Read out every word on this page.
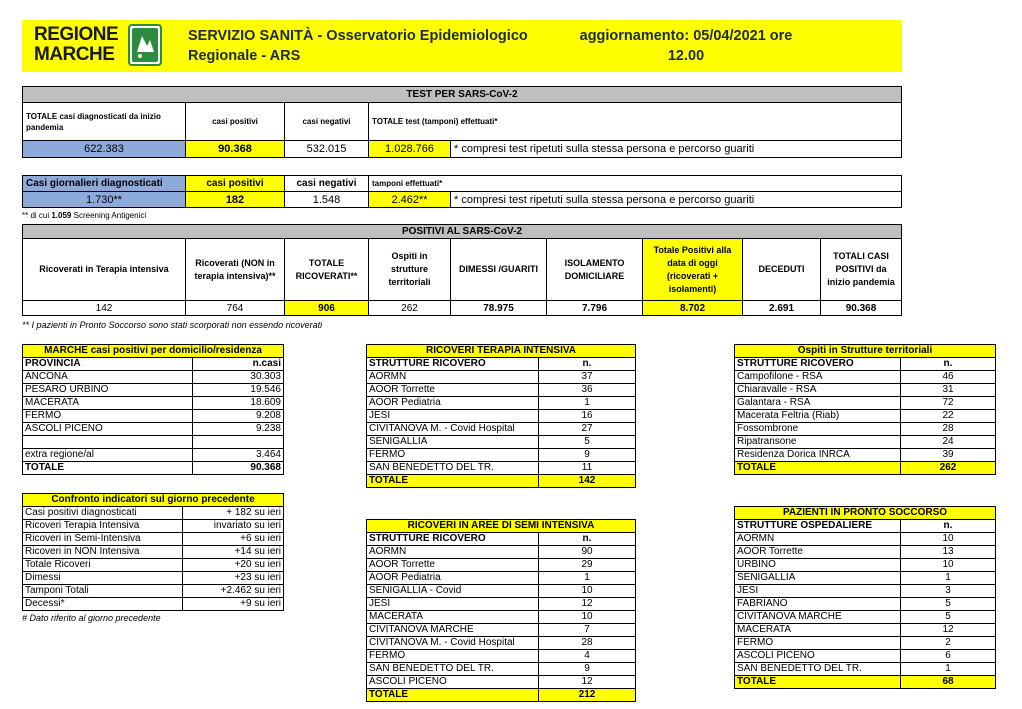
REGIONE
MARCHE
SERVIZIO SANITÀ - Osservatorio Epidemiologico
Regionale - ARS
aggiornamento: 05/04/2021 ore
12.00
TEST PER SARS-CoV-2				
TOTALE casi diagnosticati da inizio pandemia	casi positivi	casi negativi	TOTALE test (tamponi) effettuati*	
622.383	90.368	532.015	1.028.766	* compresi test ripetuti sulla stessa persona e percorso guariti
Casi giornalieri diagnosticati	casi positivi	casi negativi	tamponi effettuati*	
1.730**	182	1.548	2.462**	* compresi test ripetuti sulla stessa persona e percorso guariti
** di cui 1.059 Screening Antigenici
POSITIVI AL SARS-CoV-2								
Ricoverati in Terapia intensiva	Ricoverati (NON in terapia intensiva)**	TOTALE RICOVERATI**	Ospiti in strutture territoriali	DIMESSI /GUARITI	ISOLAMENTO DOMICILIARE	Totale Positivi alla data di oggi (ricoverati + isolamenti)	DECEDUTI	TOTALI CASI POSITIVI da inizio pandemia
142	764	906	262	78.975	7.796	8.702	2.691	90.368
** I pazienti in Pronto Soccorso sono stati scorporati non essendo ricoverati
MARCHE casi positivi per domicilio/residenza	
PROVINCIA	n.casi
ANCONA	30.303
PESARO URBINO	19.546
MACERATA	18.609
FERMO	9.208
ASCOLI PICENO	9.238

extra regione/al	3.464
TOTALE	90.368
Confronto indicatori sul giorno precedente	
Casi positivi diagnosticati	+ 182 su ieri
Ricoveri Terapia Intensiva	invariato su ieri
Ricoveri in Semi-Intensiva	+6 su ieri
Ricoveri in NON Intensiva	+14 su ieri
Totale Ricoveri	+20 su ieri
Dimessi	+23 su ieri
Tamponi Totali	+2.462 su ieri
Decessi*	+9 su ieri
# Dato riferito al giorno precedente
RICOVERI TERAPIA INTENSIVA	
STRUTTURE RICOVERO	n.
AORMN	37
AOOR Torrette	36
AOOR Pediatria	1
JESI	16
CIVITANOVA M. - Covid Hospital	27
SENIGALLIA	5
FERMO	9
SAN BENEDETTO DEL TR.	11
TOTALE	142
RICOVERI IN AREE DI SEMI INTENSIVA	
STRUTTURE RICOVERO	n.
AORMN	90
AOOR Torrette	29
AOOR Pediatria	1
SENIGALLIA - Covid	10
JESI	12
MACERATA	10
CIVITANOVA MARCHE	7
CIVITANOVA M. - Covid Hospital	28
FERMO	4
SAN BENEDETTO DEL TR.	9
ASCOLI PICENO	12
TOTALE	212
Ospiti in Strutture territoriali	
STRUTTURE RICOVERO	n.
Campofilone - RSA	46
Chiaravalle - RSA	31
Galantara - RSA	72
Macerata Feltria (Riab)	22
Fossombrone	28
Ripatransone	24
Residenza Dorica INRCA	39
TOTALE	262
PAZIENTI IN PRONTO SOCCORSO	
STRUTTURE OSPEDALIERE	n.
AORMN	10
AOOR Torrette	13
URBINO	10
SENIGALLIA	1
JESI	3
FABRIANO	5
CIVITANOVA MARCHE	5
MACERATA	12
FERMO	2
ASCOLI PICENO	6
SAN BENEDETTO DEL TR.	1
TOTALE	68
